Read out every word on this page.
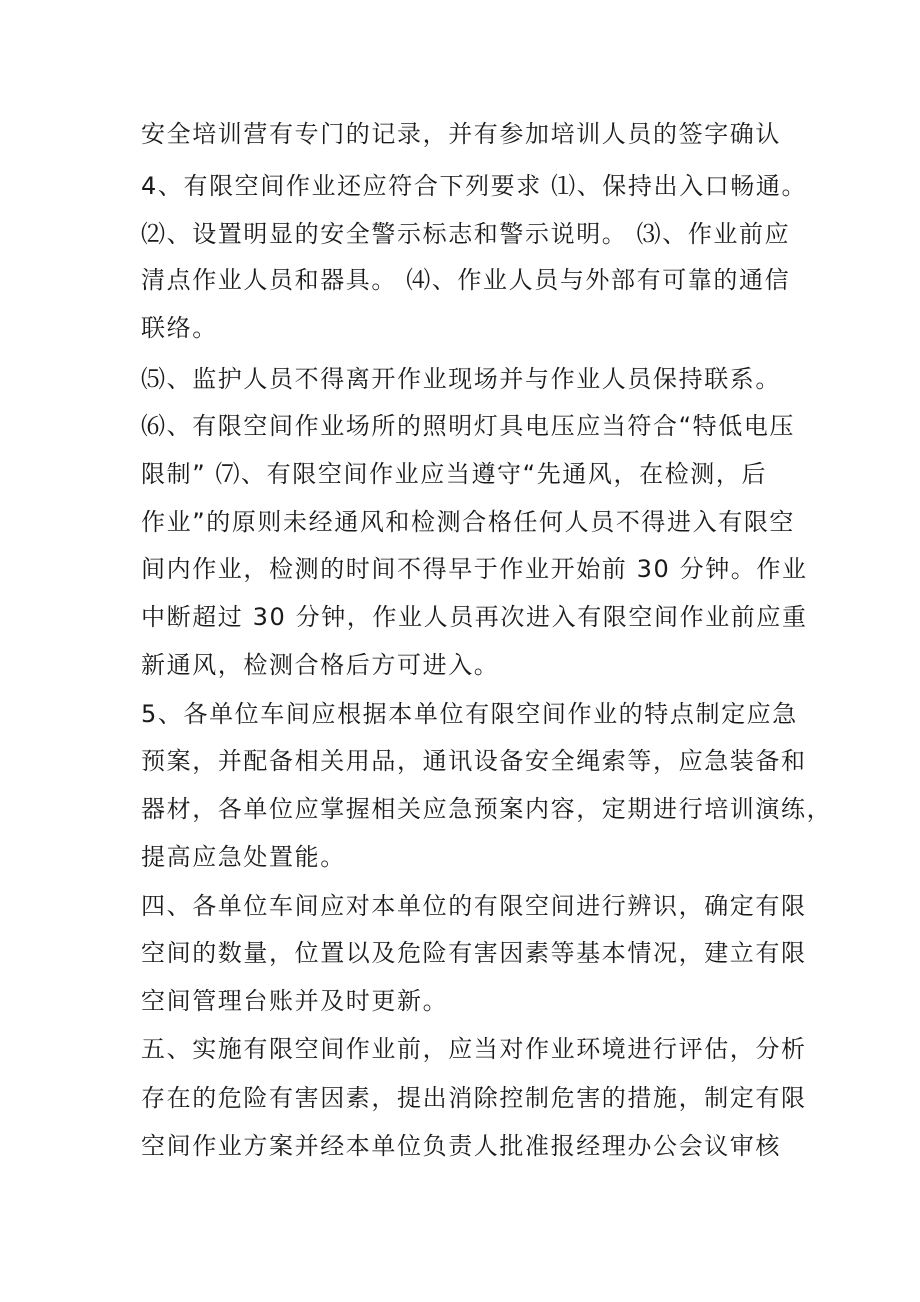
安全培训营有专门的记录，并有参加培训人员的签字确认
4、有限空间作业还应符合下列要求 ⑴、保持出入口畅通。
⑵、设置明显的安全警示标志和警示说明。 ⑶、作业前应
清点作业人员和器具。 ⑷、作业人员与外部有可靠的通信
联络。
⑸、监护人员不得离开作业现场并与作业人员保持联系。
⑹、有限空间作业场所的照明灯具电压应当符合“特低电压
限制” ⑺、有限空间作业应当遵守“先通风，在检测，后
作业”的原则未经通风和检测合格任何人员不得进入有限空
间内作业，检测的时间不得早于作业开始前 30 分钟。作业
中断超过 30 分钟，作业人员再次进入有限空间作业前应重
新通风，检测合格后方可进入。
5、各单位车间应根据本单位有限空间作业的特点制定应急
预案，并配备相关用品，通讯设备安全绳索等，应急装备和
器材，各单位应掌握相关应急预案内容，定期进行培训演练，
提高应急处置能。
四、各单位车间应对本单位的有限空间进行辨识，确定有限
空间的数量，位置以及危险有害因素等基本情况，建立有限
空间管理台账并及时更新。
五、实施有限空间作业前，应当对作业环境进行评估，分析
存在的危险有害因素，提出消除控制危害的措施，制定有限
空间作业方案并经本单位负责人批准报经理办公会议审核
